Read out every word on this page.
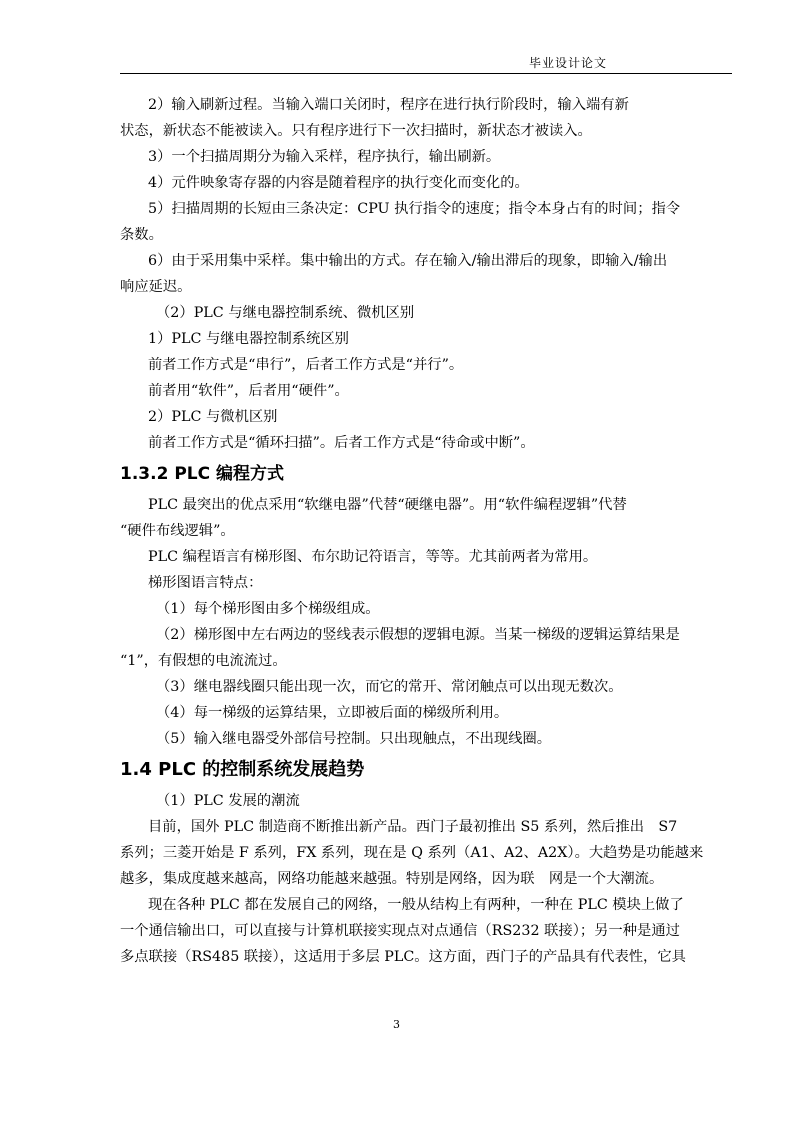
毕业设计论文
2）输入刷新过程。当输入端口关闭时，程序在进行执行阶段时，输入端有新
状态，新状态不能被读入。只有程序进行下一次扫描时，新状态才被读入。
3）一个扫描周期分为输入采样，程序执行，输出刷新。
4）元件映象寄存器的内容是随着程序的执行变化而变化的。
5）扫描周期的长短由三条决定：CPU 执行指令的速度；指令本身占有的时间；指令
条数。
6）由于采用集中采样。集中输出的方式。存在输入/输出滞后的现象，即输入/输出
响应延迟。
（2）PLC 与继电器控制系统、微机区别
1）PLC 与继电器控制系统区别
前者工作方式是“串行”，后者工作方式是“并行”。
前者用“软件”，后者用“硬件”。
2）PLC 与微机区别
前者工作方式是“循环扫描”。后者工作方式是“待命或中断”。
1.3.2 PLC 编程方式
PLC 最突出的优点采用“软继电器”代替“硬继电器”。用“软件编程逻辑”代替
“硬件布线逻辑”。
PLC 编程语言有梯形图、布尔助记符语言，等等。尤其前两者为常用。
梯形图语言特点：
（1）每个梯形图由多个梯级组成。
（2）梯形图中左右两边的竖线表示假想的逻辑电源。当某一梯级的逻辑运算结果是
“1”，有假想的电流流过。
（3）继电器线圈只能出现一次，而它的常开、常闭触点可以出现无数次。
（4）每一梯级的运算结果，立即被后面的梯级所利用。
（5）输入继电器受外部信号控制。只出现触点，不出现线圈。
1.4 PLC 的控制系统发展趋势
（1）PLC 发展的潮流
目前，国外 PLC 制造商不断推出新产品。西门子最初推出 S5 系列，然后推出　S7
系列；三菱开始是 F 系列，FX 系列，现在是 Q 系列（A1、A2、A2X）。大趋势是功能越来
越多，集成度越来越高，网络功能越来越强。特别是网络，因为联　网是一个大潮流。
现在各种 PLC 都在发展自己的网络，一般从结构上有两种，一种在 PLC 模块上做了
一个通信输出口，可以直接与计算机联接实现点对点通信（RS232 联接）；另一种是通过
多点联接（RS485 联接），这适用于多层 PLC。这方面，西门子的产品具有代表性，它具
3
